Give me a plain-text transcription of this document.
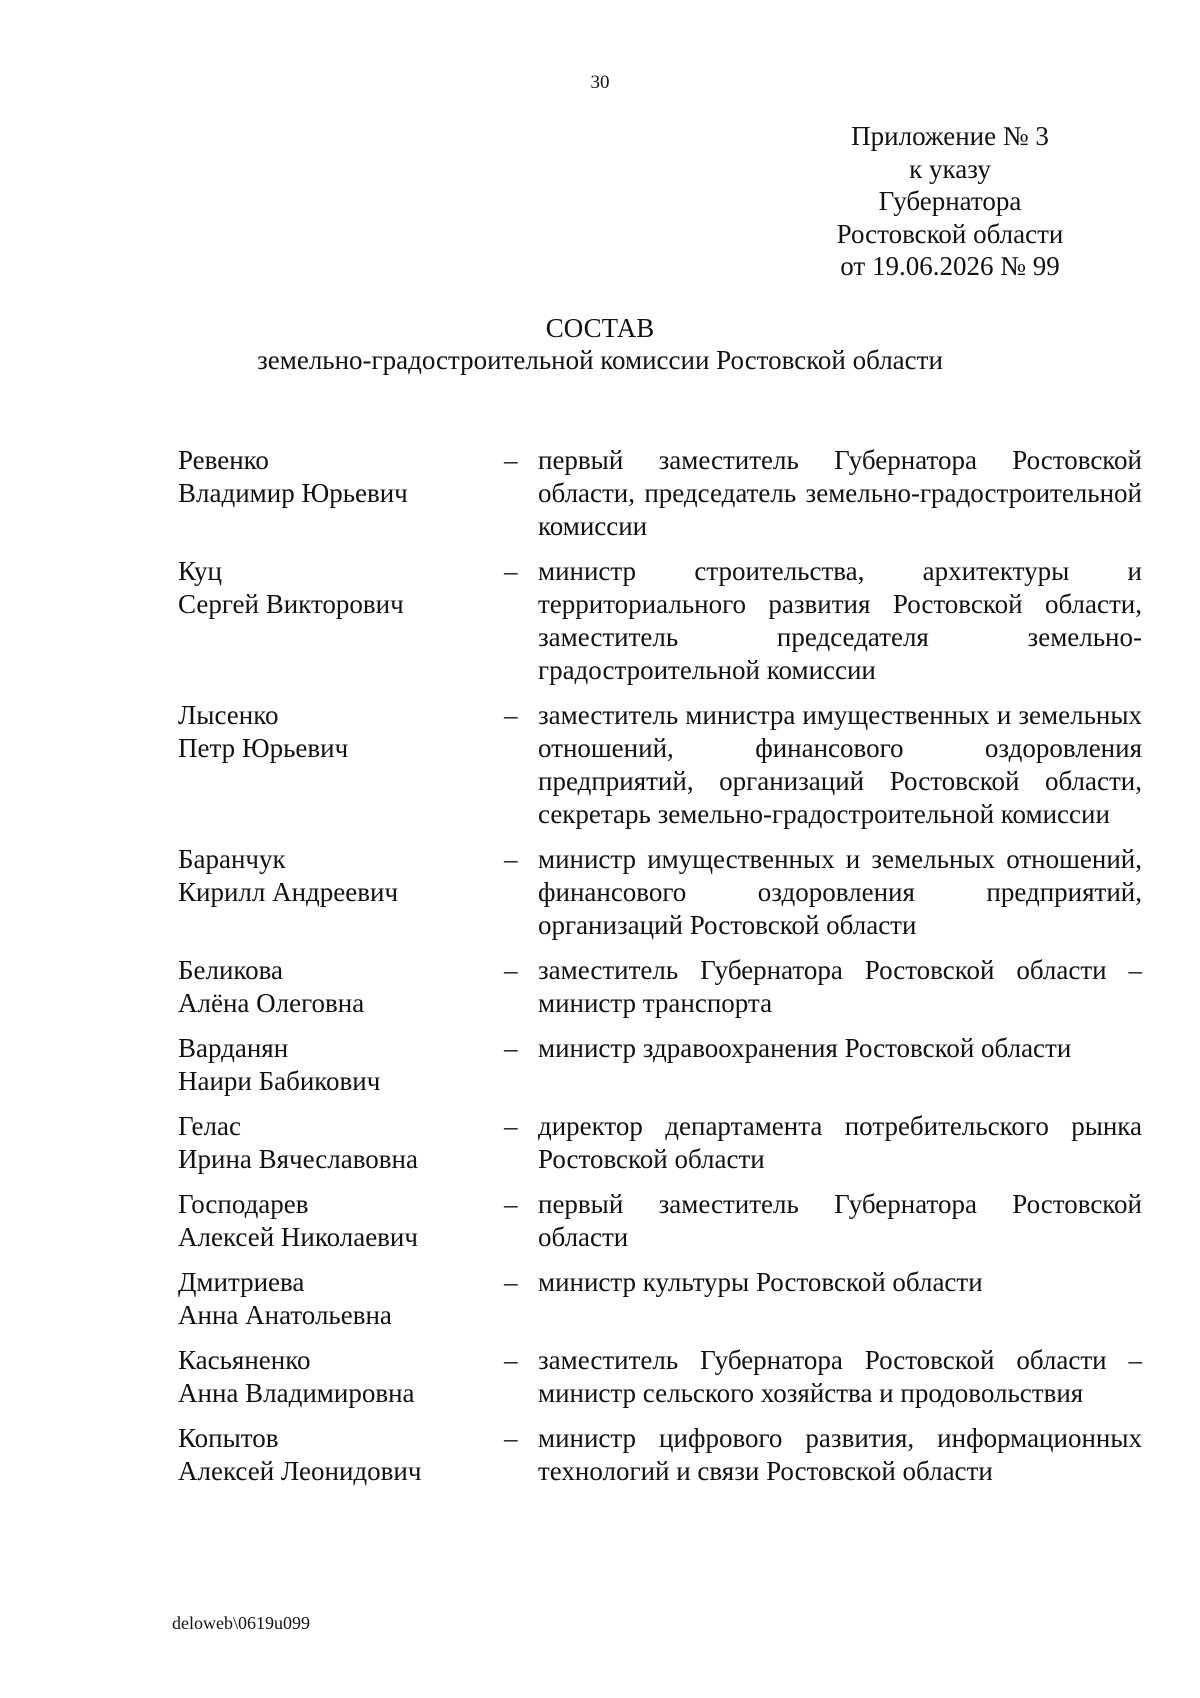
30
Приложение № 3
к указу
Губернатора
Ростовской области
от 19.06.2026 № 99
СОСТАВ
земельно-градостроительной комиссии Ростовской области
Ревенко
Владимир Юрьевич
– первый заместитель Губернатора Ростовской области, председатель земельно-градостроительной комиссии
Куц
Сергей Викторович
– министр строительства, архитектуры и территориального развития Ростовской области, заместитель председателя земельно-градостроительной комиссии
Лысенко
Петр Юрьевич
– заместитель министра имущественных и земельных отношений, финансового оздоровления предприятий, организаций Ростовской области, секретарь земельно-градостроительной комиссии
Баранчук
Кирилл Андреевич
– министр имущественных и земельных отношений, финансового оздоровления предприятий, организаций Ростовской области
Беликова
Алёна Олеговна
– заместитель Губернатора Ростовской области – министр транспорта
Варданян
Наири Бабикович
– министр здравоохранения Ростовской области
Гелас
Ирина Вячеславовна
– директор департамента потребительского рынка Ростовской области
Господарев
Алексей Николаевич
– первый заместитель Губернатора Ростовской области
Дмитриева
Анна Анатольевна
– министр культуры Ростовской области
Касьяненко
Анна Владимировна
– заместитель Губернатора Ростовской области – министр сельского хозяйства и продовольствия
Копытов
Алексей Леонидович
– министр цифрового развития, информационных технологий и связи Ростовской области
deloweb\0619u099
